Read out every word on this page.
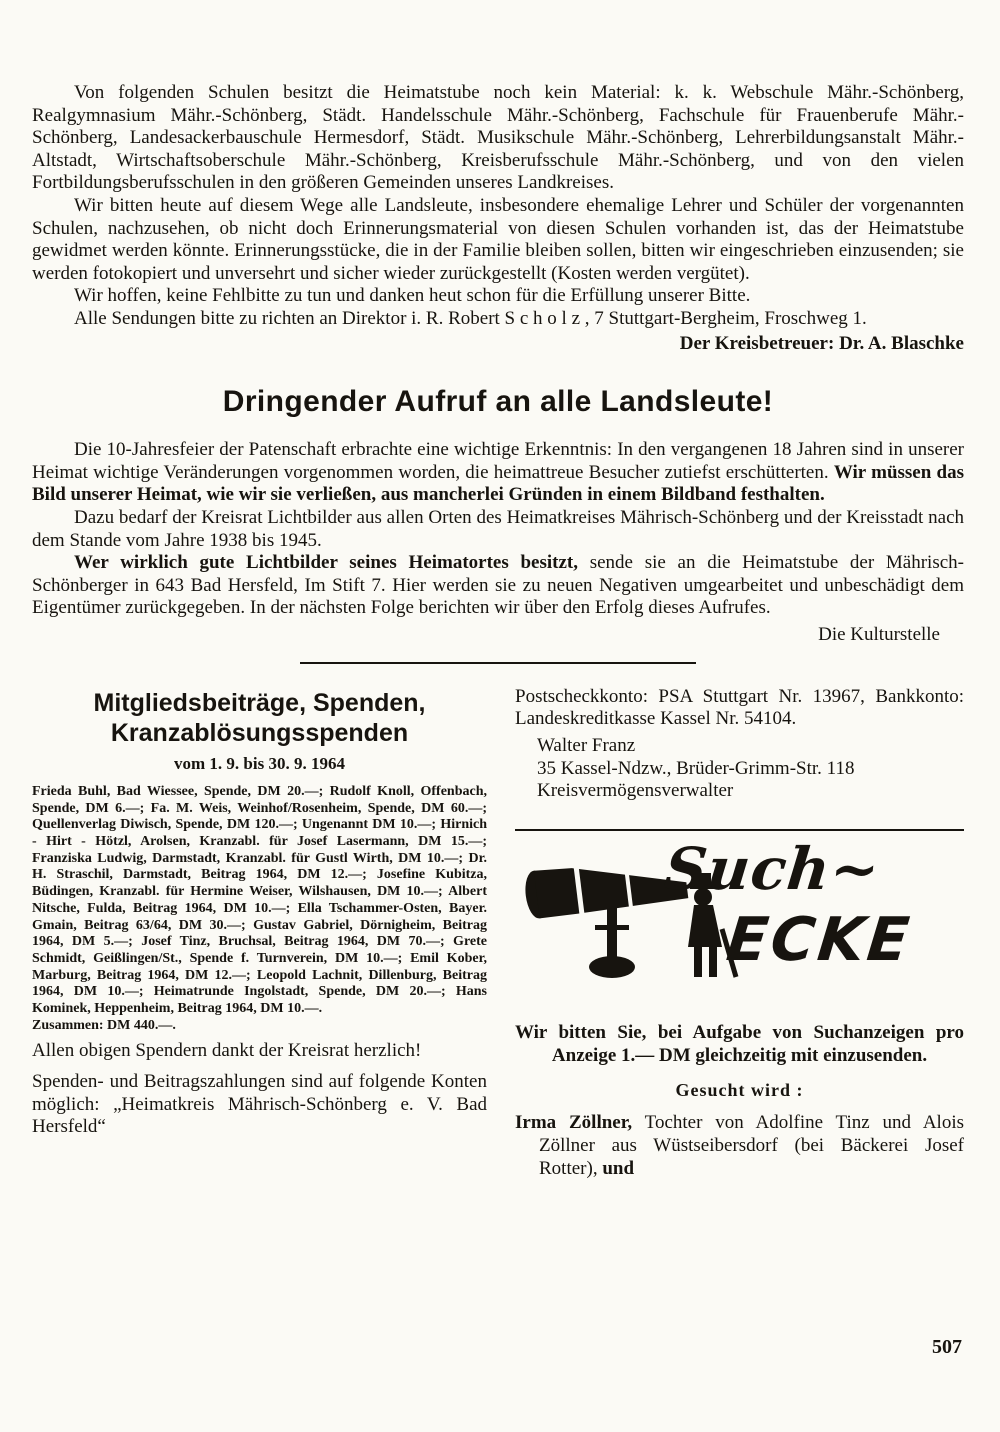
Von folgenden Schulen besitzt die Heimatstube noch kein Material: k. k. Webschule Mähr.-Schönberg, Realgymnasium Mähr.-Schönberg, Städt. Handelsschule Mähr.-Schönberg, Fachschule für Frauenberufe Mähr.-Schönberg, Landesackerbauschule Hermesdorf, Städt. Musikschule Mähr.-Schönberg, Lehrerbildungsanstalt Mähr.-Altstadt, Wirtschaftsoberschule Mähr.-Schönberg, Kreisberufsschule Mähr.-Schönberg, und von den vielen Fortbildungsberufsschulen in den größeren Gemeinden unseres Landkreises.

Wir bitten heute auf diesem Wege alle Landsleute, insbesondere ehemalige Lehrer und Schüler der vorgenannten Schulen, nachzusehen, ob nicht doch Erinnerungsmaterial von diesen Schulen vorhanden ist, das der Heimatstube gewidmet werden könnte. Erinnerungsstücke, die in der Familie bleiben sollen, bitten wir eingeschrieben einzusenden; sie werden fotokopiert und unversehrt und sicher wieder zurückgestellt (Kosten werden vergütet).

Wir hoffen, keine Fehlbitte zu tun und danken heut schon für die Erfüllung unserer Bitte.

Alle Sendungen bitte zu richten an Direktor i. R. Robert S c h o l z , 7 Stuttgart-Bergheim, Froschweg 1.

Der Kreisbetreuer: Dr. A. Blaschke

Dringender Aufruf an alle Landsleute!

Die 10-Jahresfeier der Patenschaft erbrachte eine wichtige Erkenntnis: In den vergangenen 18 Jahren sind in unserer Heimat wichtige Veränderungen vorgenommen worden, die heimattreue Besucher zutiefst erschütterten. Wir müssen das Bild unserer Heimat, wie wir sie verließen, aus mancherlei Gründen in einem Bildband festhalten.

Dazu bedarf der Kreisrat Lichtbilder aus allen Orten des Heimatkreises Mährisch-Schönberg und der Kreisstadt nach dem Stande vom Jahre 1938 bis 1945.

Wer wirklich gute Lichtbilder seines Heimatortes besitzt, sende sie an die Heimatstube der Mährisch-Schönberger in 643 Bad Hersfeld, Im Stift 7. Hier werden sie zu neuen Negativen umgearbeitet und unbeschädigt dem Eigentümer zurückgegeben. In der nächsten Folge berichten wir über den Erfolg dieses Aufrufes.

Die Kulturstelle

Mitgliedsbeiträge, Spenden,
Kranzablösungsspenden

vom 1. 9. bis 30. 9. 1964

Frieda Buhl, Bad Wiessee, Spende, DM 20.—; Rudolf Knoll, Offenbach, Spende, DM 6.—; Fa. M. Weis, Weinhof/Rosenheim, Spende, DM 60.—; Quellenverlag Diwisch, Spende, DM 120.—; Ungenannt DM 10.—; Hirnich - Hirt - Hötzl, Arolsen, Kranzabl. für Josef Lasermann, DM 15.—; Franziska Ludwig, Darmstadt, Kranzabl. für Gustl Wirth, DM 10.—; Dr. H. Straschil, Darmstadt, Beitrag 1964, DM 12.—; Josefine Kubitza, Büdingen, Kranzabl. für Hermine Weiser, Wilshausen, DM 10.—; Albert Nitsche, Fulda, Beitrag 1964, DM 10.—; Ella Tschammer-Osten, Bayer. Gmain, Beitrag 63/64, DM 30.—; Gustav Gabriel, Dörnigheim, Beitrag 1964, DM 5.—; Josef Tinz, Bruchsal, Beitrag 1964, DM 70.—; Grete Schmidt, Geißlingen/St., Spende f. Turnverein, DM 10.—; Emil Kober, Marburg, Beitrag 1964, DM 12.—; Leopold Lachnit, Dillenburg, Beitrag 1964, DM 10.—; Heimatrunde Ingolstadt, Spende, DM 20.—; Hans Kominek, Heppenheim, Beitrag 1964, DM 10.—.

Zusammen: DM 440.—.

Allen obigen Spendern dankt der Kreisrat herzlich!

Spenden- und Beitragszahlungen sind auf folgende Konten möglich: „Heimatkreis Mährisch-Schönberg e. V. Bad Hersfeld“

Postscheckkonto: PSA Stuttgart Nr. 13967, Bankkonto: Landeskreditkasse Kassel Nr. 54104.

Walter Franz

35 Kassel-Ndzw., Brüder-Grimm-Str. 118

Kreisvermögensverwalter

Such~
ECKE

Wir bitten Sie, bei Aufgabe von Suchanzeigen pro Anzeige 1.— DM gleichzeitig mit einzusenden.

Gesucht wird :

Irma Zöllner, Tochter von Adolfine Tinz und Alois Zöllner aus Wüstseibersdorf (bei Bäckerei Josef Rotter), und

507
